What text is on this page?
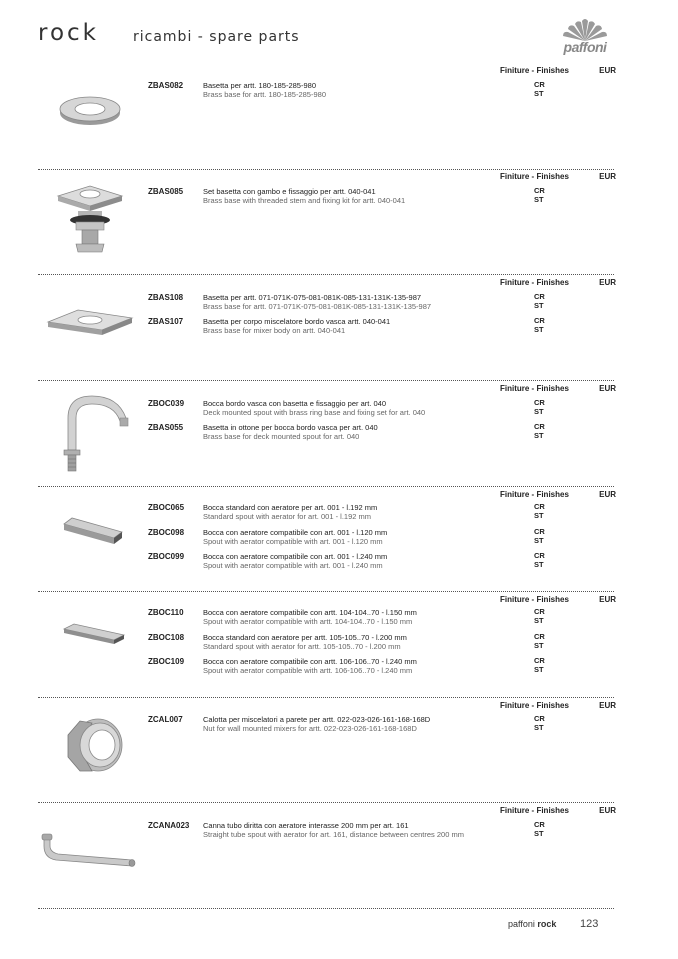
rock ricambi - spare parts
paffoni
Finiture - Finishes	EUR
ZBAS082	Basetta per artt. 180-185-285-980
Brass base for artt. 180-185-285-980
CR
ST
Finiture - Finishes	EUR
ZBAS085	Set basetta con gambo e fissaggio per artt. 040-041
Brass base with threaded stem and fixing kit for artt. 040-041
CR
ST
Finiture - Finishes	EUR
ZBAS108	Basetta per artt. 071-071K-075-081-081K-085-131-131K-135-987
Brass base for artt. 071-071K-075-081-081K-085-131-131K-135-987
CR
ST
ZBAS107	Basetta per corpo miscelatore bordo vasca artt. 040-041
Brass base for mixer body on artt. 040-041
CR
ST
Finiture - Finishes	EUR
ZBOC039	Bocca bordo vasca con basetta e fissaggio per art. 040
Deck mounted spout with brass ring base and fixing set for art. 040
CR
ST
ZBAS055	Basetta in ottone per bocca bordo vasca per art. 040
Brass base for deck mounted spout for art. 040
CR
ST
Finiture - Finishes	EUR
ZBOC065	Bocca standard con aeratore per art. 001 - l.192 mm
Standard spout with aerator for art. 001 - l.192 mm
CR
ST
ZBOC098	Bocca con aeratore compatibile con art. 001 - l.120 mm
Spout with aerator compatible with art. 001 - l.120 mm
CR
ST
ZBOC099	Bocca con aeratore compatibile con art. 001 - l.240 mm
Spout with aerator compatible with art. 001 - l.240 mm
CR
ST
Finiture - Finishes	EUR
ZBOC110	Bocca con aeratore compatibile con artt. 104-104..70 - l.150 mm
Spout with aerator compatible with artt. 104-104..70 - l.150 mm
CR
ST
ZBOC108	Bocca standard con aeratore per artt. 105-105..70 - l.200 mm
Standard spout with aerator for artt. 105-105..70 - l.200 mm
CR
ST
ZBOC109	Bocca con aeratore compatibile con artt. 106-106..70 - l.240 mm
Spout with aerator compatible with artt. 106-106..70 - l.240 mm
CR
ST
Finiture - Finishes	EUR
ZCAL007	Calotta per miscelatori a parete per artt. 022-023-026-161-168-168D
Nut for wall mounted mixers for artt. 022-023-026-161-168-168D
CR
ST
Finiture - Finishes	EUR
ZCANA023 Canna tubo diritta con aeratore interasse 200 mm per art. 161
Straight tube spout with aerator for art. 161, distance between centres 200 mm
CR
ST
paffoni rock 123
